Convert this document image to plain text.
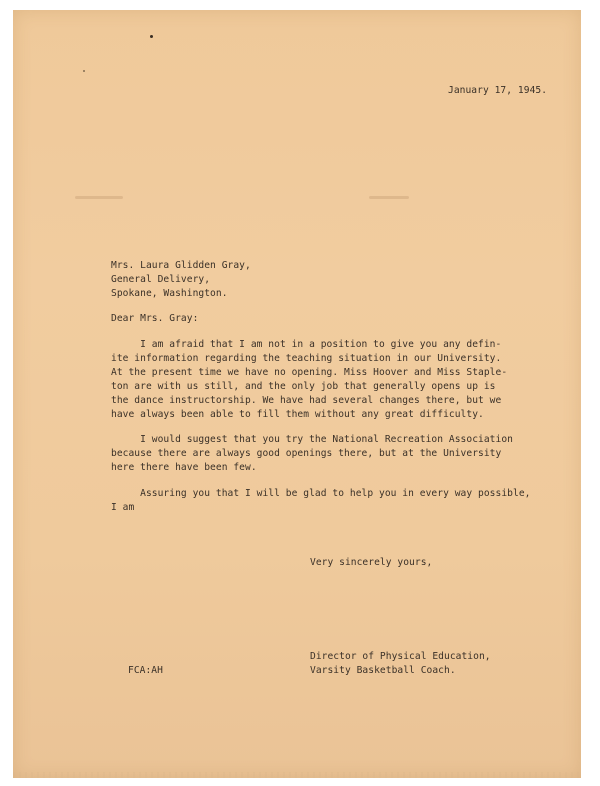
January 17, 1945.
Mrs. Laura Glidden Gray,
General Delivery,
Spokane, Washington.
Dear Mrs. Gray:
I am afraid that I am not in a position to give you any defin-
ite information regarding the teaching situation in our University.
At the present time we have no opening. Miss Hoover and Miss Staple-
ton are with us still, and the only job that generally opens up is
the dance instructorship. We have had several changes there, but we
have always been able to fill them without any great difficulty.
I would suggest that you try the National Recreation Association
because there are always good openings there, but at the University
here there have been few.
Assuring you that I will be glad to help you in every way possible,
I am
Very sincerely yours,
Director of Physical Education,
Varsity Basketball Coach.
FCA:AH
